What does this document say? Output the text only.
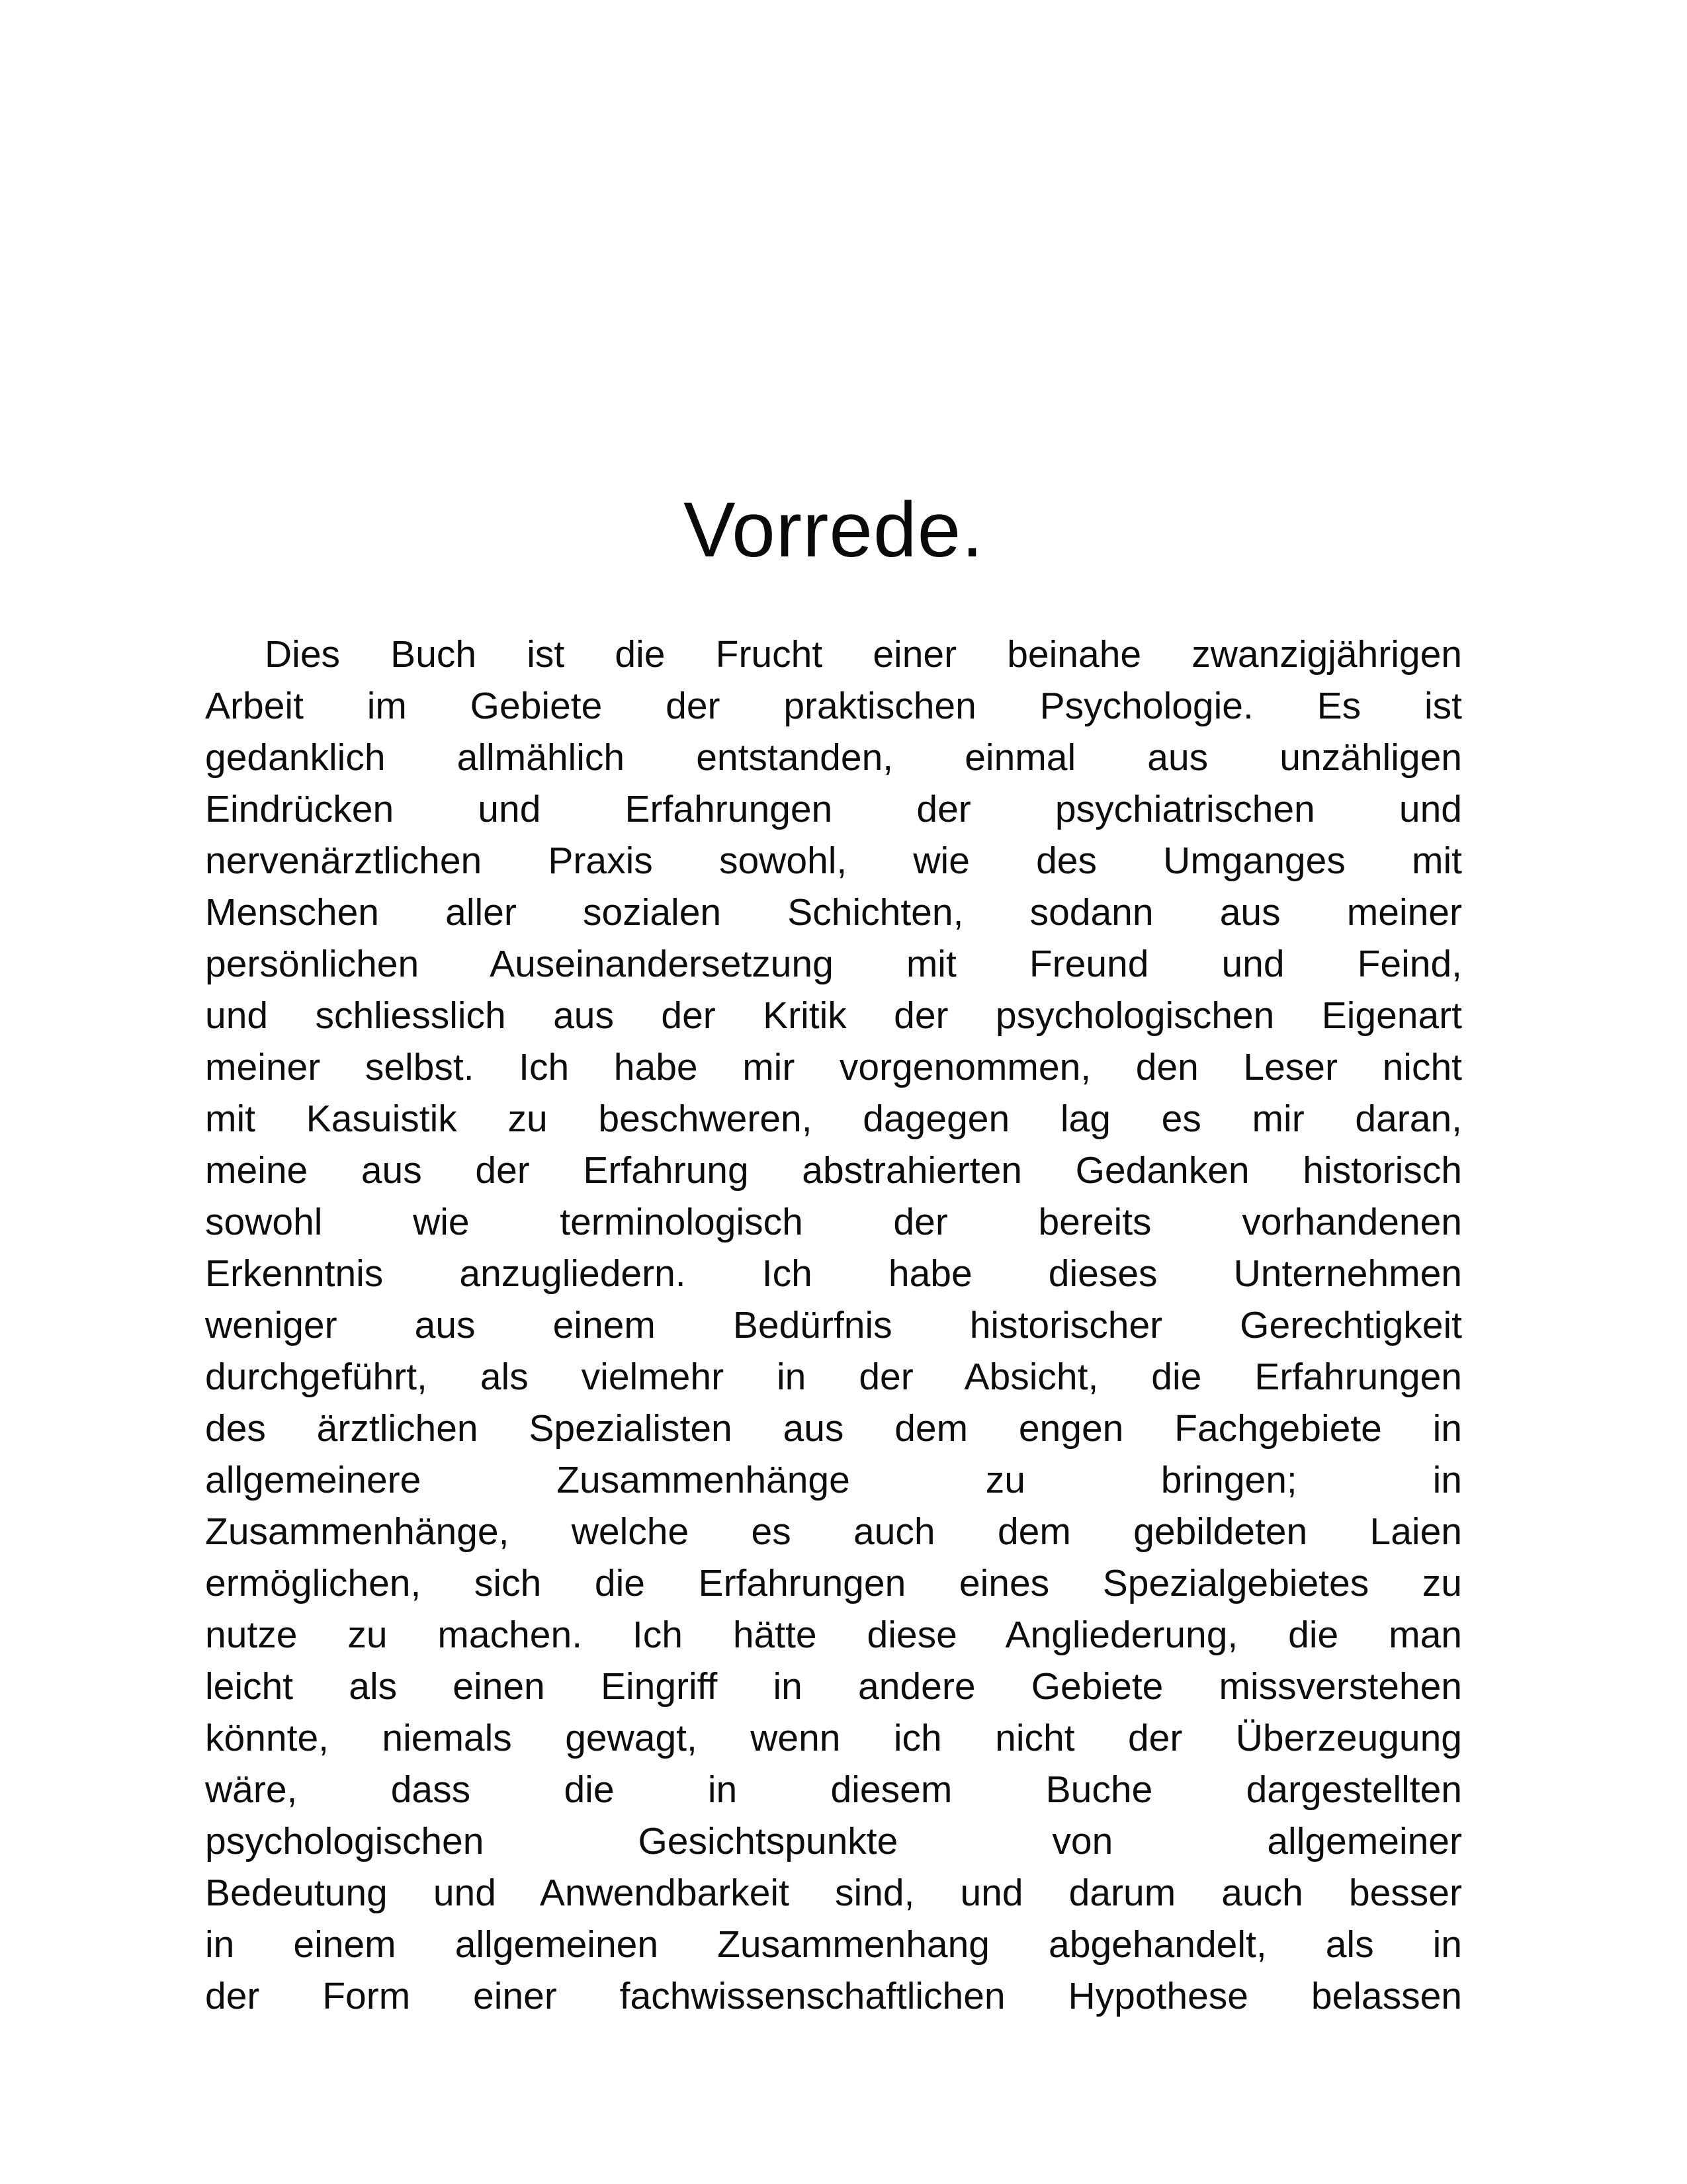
Vorrede.
Dies Buch ist die Frucht einer beinahe zwanzigjährigen
Arbeit im Gebiete der praktischen Psychologie. Es ist
gedanklich allmählich entstanden, einmal aus unzähligen
Eindrücken und Erfahrungen der psychiatrischen und
nervenärztlichen Praxis sowohl, wie des Umganges mit
Menschen aller sozialen Schichten, sodann aus meiner
persönlichen Auseinandersetzung mit Freund und Feind,
und schliesslich aus der Kritik der psychologischen Eigenart
meiner selbst. Ich habe mir vorgenommen, den Leser nicht
mit Kasuistik zu beschweren, dagegen lag es mir daran,
meine aus der Erfahrung abstrahierten Gedanken historisch
sowohl wie terminologisch der bereits vorhandenen
Erkenntnis anzugliedern. Ich habe dieses Unternehmen
weniger aus einem Bedürfnis historischer Gerechtigkeit
durchgeführt, als vielmehr in der Absicht, die Erfahrungen
des ärztlichen Spezialisten aus dem engen Fachgebiete in
allgemeinere Zusammenhänge zu bringen; in
Zusammenhänge, welche es auch dem gebildeten Laien
ermöglichen, sich die Erfahrungen eines Spezialgebietes zu
nutze zu machen. Ich hätte diese Angliederung, die man
leicht als einen Eingriff in andere Gebiete missverstehen
könnte, niemals gewagt, wenn ich nicht der Überzeugung
wäre, dass die in diesem Buche dargestellten
psychologischen Gesichtspunkte von allgemeiner
Bedeutung und Anwendbarkeit sind, und darum auch besser
in einem allgemeinen Zusammenhang abgehandelt, als in
der Form einer fachwissenschaftlichen Hypothese belassen
